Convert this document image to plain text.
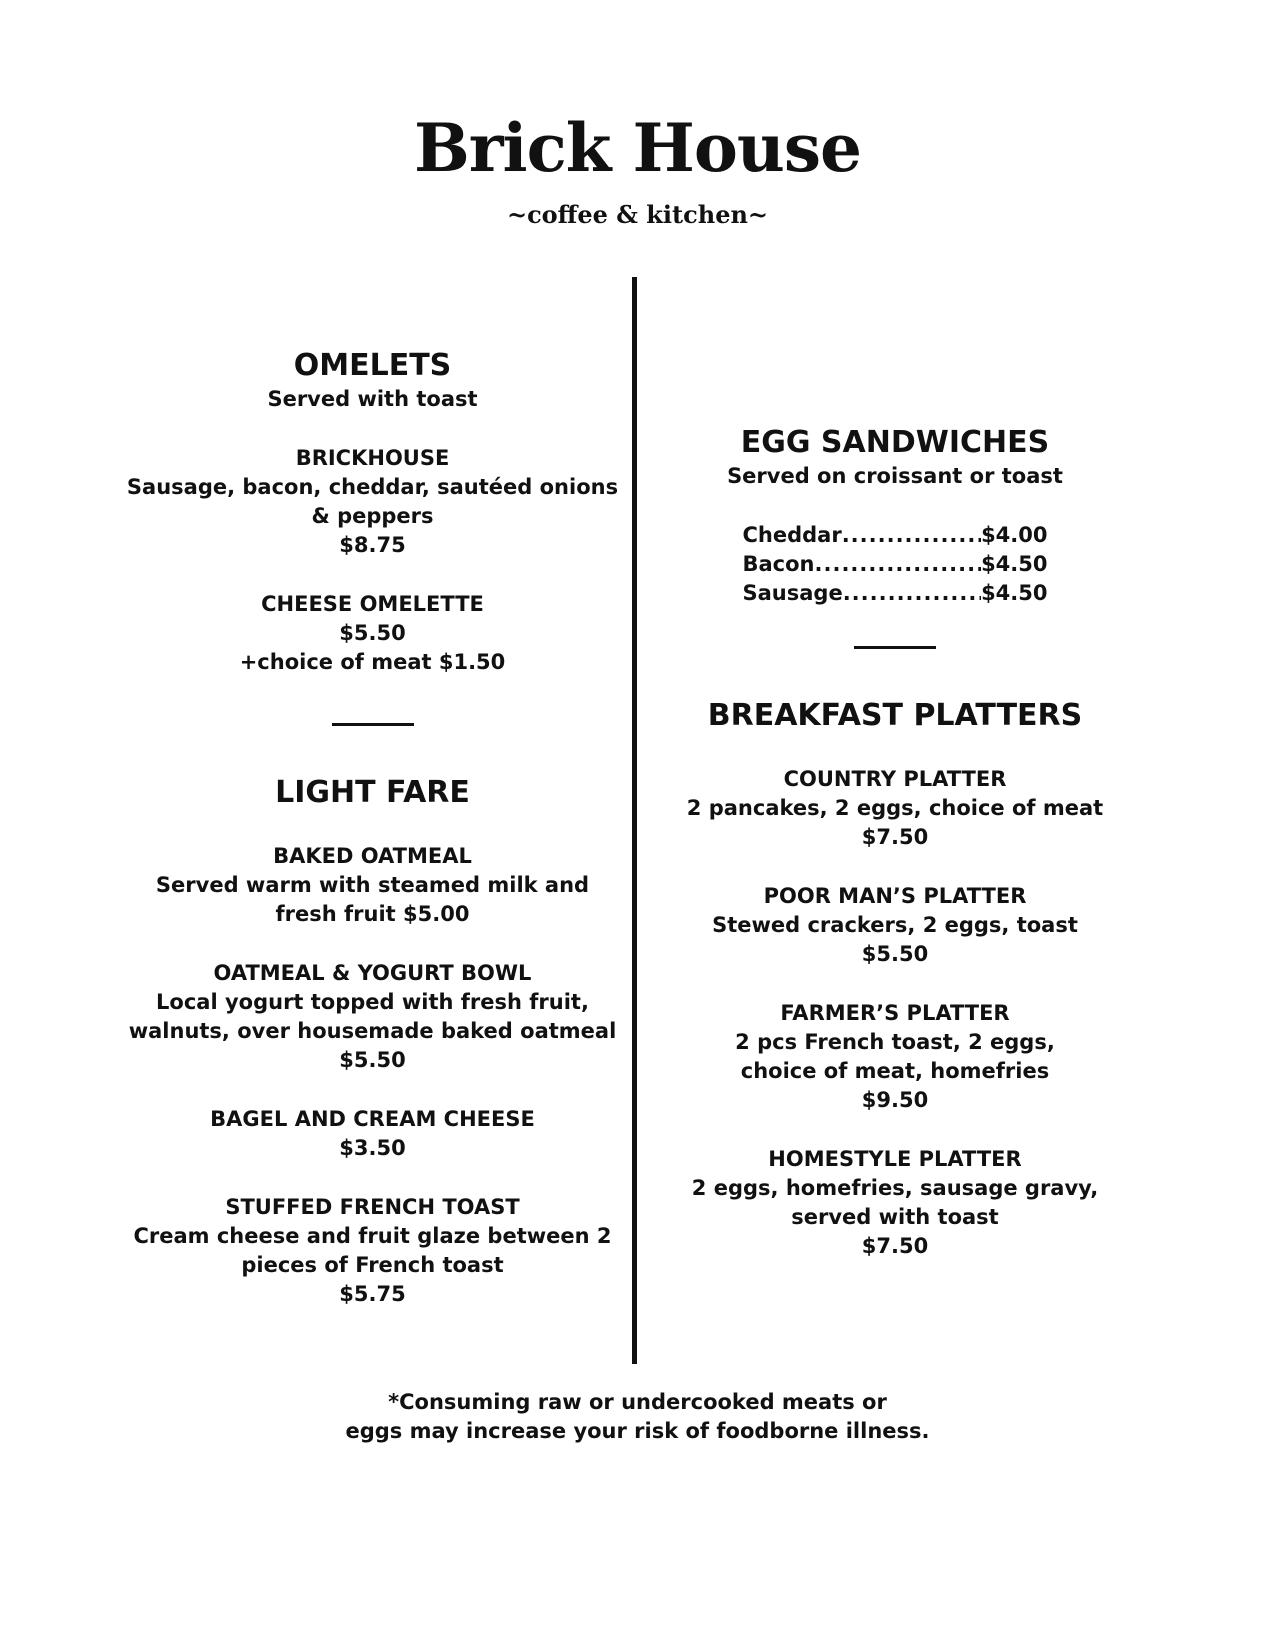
Brick House
~coffee & kitchen~
OMELETS

Served with toast

BRICKHOUSE
Sausage, bacon, cheddar, sautéed onions
& peppers
$8.75
CHEESE OMELETTE
$5.50
+choice of meat $1.50
LIGHT FARE
BAKED OATMEAL
Served warm with steamed milk and
fresh fruit $5.00
OATMEAL & YOGURT BOWL
Local yogurt topped with fresh fruit,
walnuts, over housemade baked oatmeal
$5.50
BAGEL AND CREAM CHEESE
$3.50
STUFFED FRENCH TOAST
Cream cheese and fruit glaze between 2
pieces of French toast
$5.75
EGG SANDWICHES

Served on croissant or toast

Cheddar .....	$4.00
Bacon .....	$4.50
Sausage .....	$4.50
BREAKFAST PLATTERS
COUNTRY PLATTER
2 pancakes, 2 eggs, choice of meat
$7.50
POOR MAN’S PLATTER
Stewed crackers, 2 eggs, toast
$5.50
FARMER’S PLATTER
2 pcs French toast, 2 eggs,
choice of meat, homefries
$9.50
HOMESTYLE PLATTER
2 eggs, homefries, sausage gravy,
served with toast
$7.50
*Consuming raw or undercooked meats or
eggs may increase your risk of foodborne illness.
